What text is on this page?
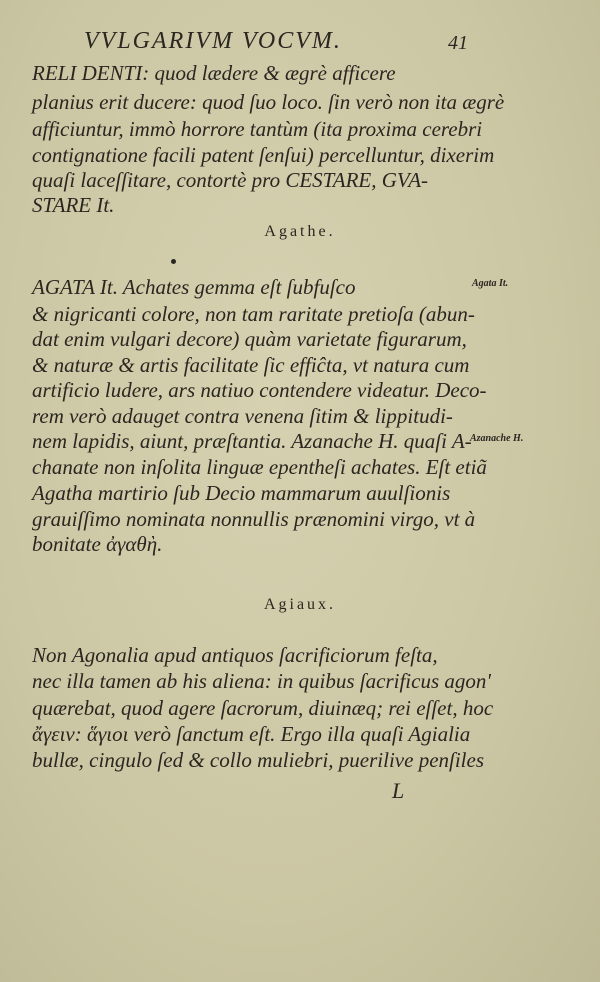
VVLGARIVM VOCVM.	41
RELI DENTI: quod lædere & ægrè afficere
planius erit ducere: quod ſuo loco. ſin verò non ita ægrè
afficiuntur, immò horrore tantùm (ita proxima cerebri
contignatione facili patent ſenſui) percelluntur, dixerim
quaſi laceſſitare, contortè pro CESTARE, GVA-
STARE It.
Agathe.
AGATA It. Achates gemma eſt ſubfuſco
& nigricanti colore, non tam raritate pretioſa (abun-
dat enim vulgari decore) quàm varietate figurarum,
& naturæ & artis facilitate ſic effiĉta, vt natura cum
artificio ludere, ars natiuo contendere videatur. Deco-
rem verò adauget contra venena ſitim & lippitudi-
nem lapidis, aiunt, præſtantia. Azanache H. quaſi A-
chanate non inſolita linguæ epentheſi achates. Eſt etiã
Agatha martirio ſub Decio mammarum auulſionis
grauiſſimo nominata nonnullis prænomini virgo, vt à
bonitate ἀγαθὴ.
Agata It.
Azanache H.
Agiaux.
Non Agonalia apud antiquos ſacrificiorum feſta,
nec illa tamen ab his aliena: in quibus ſacrificus agon'
quærebat, quod agere ſacrorum, diuinæq; rei eſſet, hoc
ἄγειν: ἅγιοι verò ſanctum eſt. Ergo illa quaſi Agialia
bullæ, cingulo ſed & collo muliebri, puerilive penſiles
L
